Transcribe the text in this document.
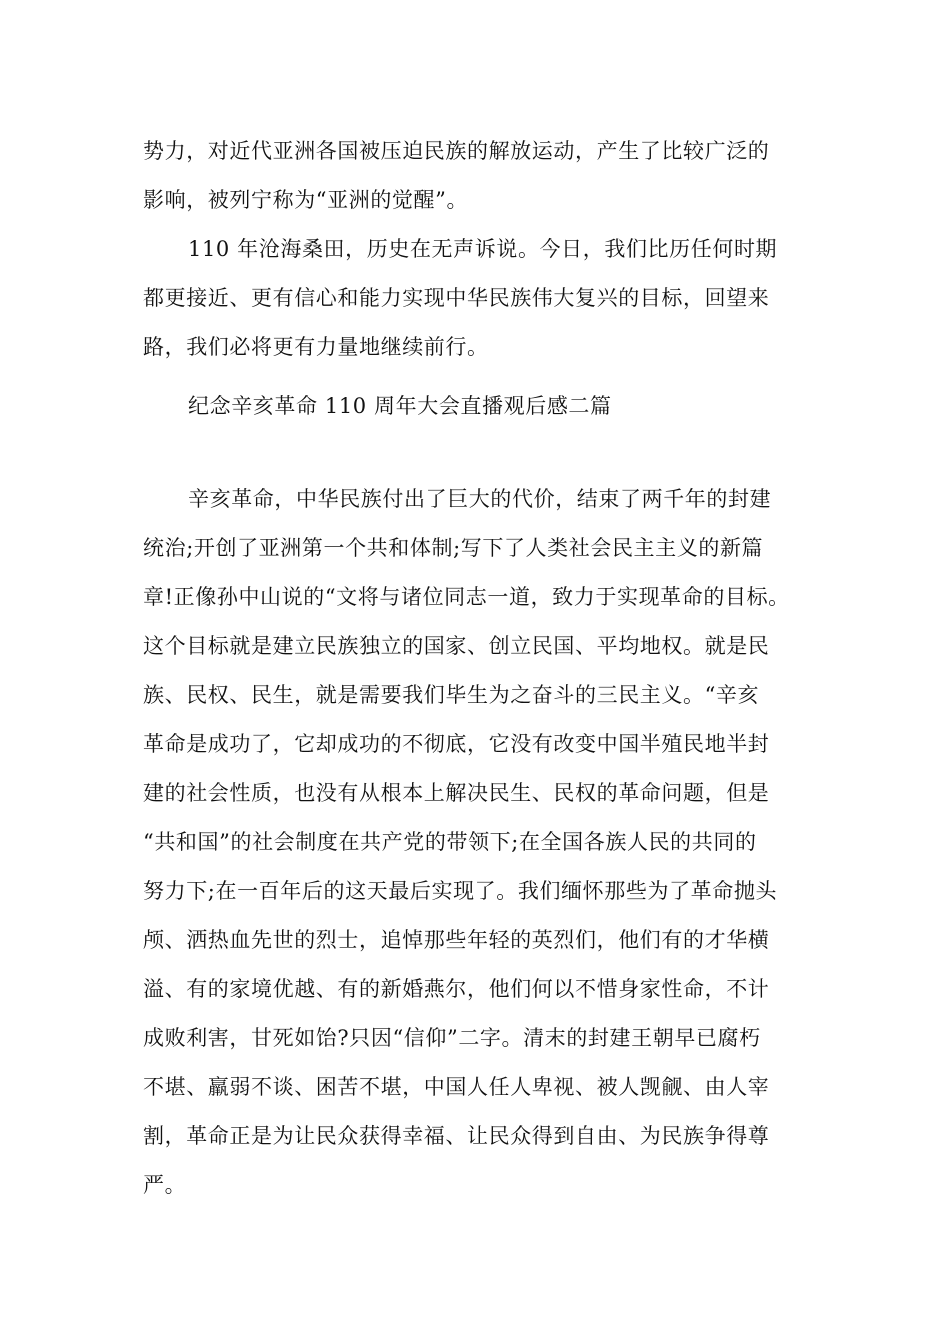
势力，对近代亚洲各国被压迫民族的解放运动，产生了比较广泛的
影响，被列宁称为“亚洲的觉醒”。
110 年沧海桑田，历史在无声诉说。今日，我们比历任何时期
都更接近、更有信心和能力实现中华民族伟大复兴的目标，回望来
路，我们必将更有力量地继续前行。
纪念辛亥革命 110 周年大会直播观后感二篇
辛亥革命，中华民族付出了巨大的代价，结束了两千年的封建
统治;开创了亚洲第一个共和体制;写下了人类社会民主主义的新篇
章!正像孙中山说的“文将与诸位同志一道，致力于实现革命的目标。
这个目标就是建立民族独立的国家、创立民国、平均地权。就是民
族、民权、民生，就是需要我们毕生为之奋斗的三民主义。“辛亥
革命是成功了，它却成功的不彻底，它没有改变中国半殖民地半封
建的社会性质，也没有从根本上解决民生、民权的革命问题，但是
“共和国”的社会制度在共产党的带领下;在全国各族人民的共同的
努力下;在一百年后的这天最后实现了。我们缅怀那些为了革命抛头
颅、洒热血先世的烈士，追悼那些年轻的英烈们，他们有的才华横
溢、有的家境优越、有的新婚燕尔，他们何以不惜身家性命，不计
成败利害，甘死如饴?只因“信仰”二字。清末的封建王朝早已腐朽
不堪、羸弱不谈、困苦不堪，中国人任人卑视、被人觊觎、由人宰
割，革命正是为让民众获得幸福、让民众得到自由、为民族争得尊
严。
